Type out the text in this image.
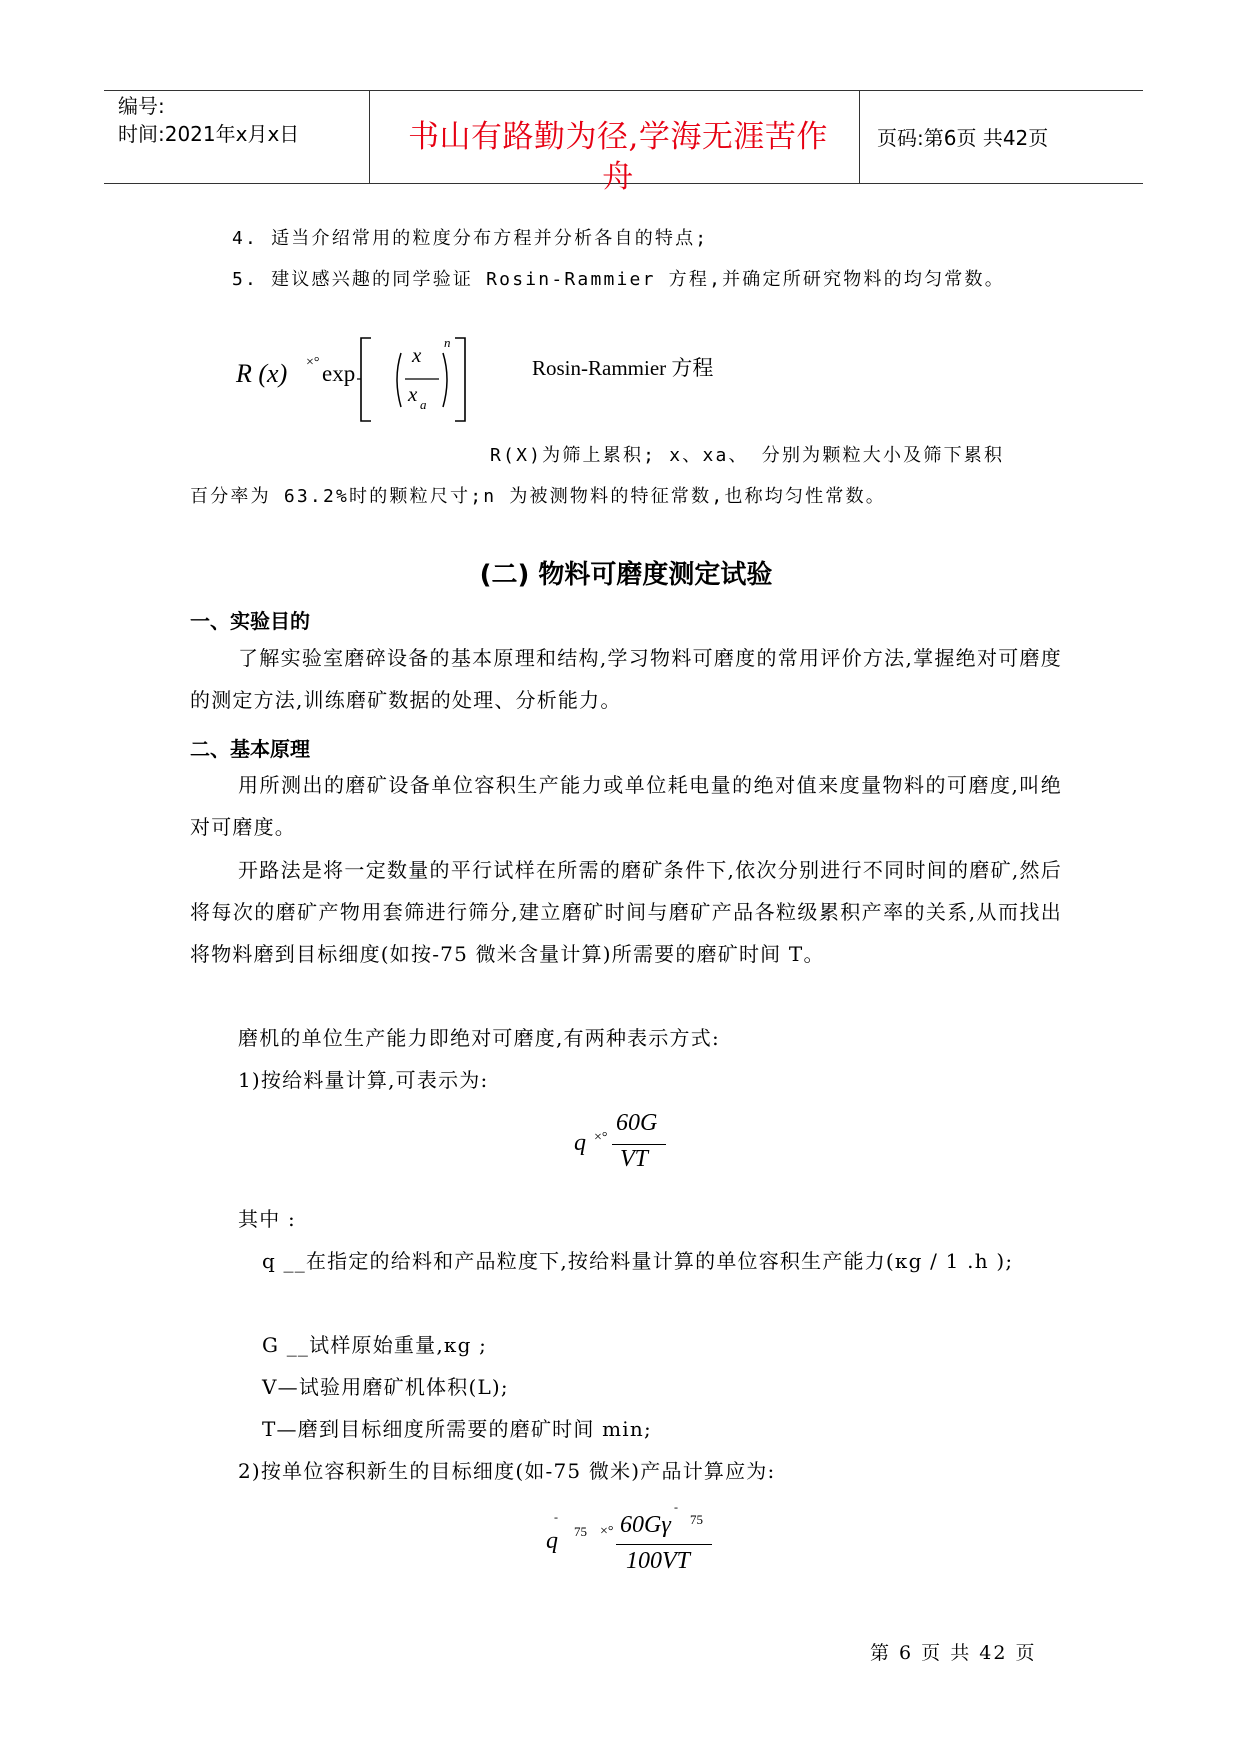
编号:
时间:2021年x月x日	书山有路勤为径,学海无涯苦作舟
页码:第6页 共42页
4. 适当介绍常用的粒度分布方程并分析各自的特点;
5. 建议感兴趣的同学验证 Rosin-Rammier 方程,并确定所研究物料的均匀常数。
R (x) ×° exp
x
x a
n
Rosin-Rammier 方程
R(X)为筛上累积; x、xa、 分别为颗粒大小及筛下累积
百分率为 63.2%时的颗粒尺寸;n 为被测物料的特征常数,也称均匀性常数。
(二) 物料可磨度测定试验
一、实验目的
了解实验室磨碎设备的基本原理和结构,学习物料可磨度的常用评价方法,掌握绝对可磨度的测定方法,训练磨矿数据的处理、分析能力。
二、基本原理
用所测出的磨矿设备单位容积生产能力或单位耗电量的绝对值来度量物料的可磨度,叫绝对可磨度。
开路法是将一定数量的平行试样在所需的磨矿条件下,依次分别进行不同时间的磨矿,然后将每次的磨矿产物用套筛进行筛分,建立磨矿时间与磨矿产品各粒级累积产率的关系,从而找出将物料磨到目标细度(如按-75 微米含量计算)所需要的磨矿时间 T。
磨机的单位生产能力即绝对可磨度,有两种表示方式:
1)按给料量计算,可表示为:
q ×°
60G
VT
其中 :
q __在指定的给料和产品粒度下,按给料量计算的单位容积生产能力(κg / 1 .h );
G __试样原始重量,κg ;
V—试验用磨矿机体积(L);
T—磨到目标细度所需要的磨矿时间 min;
2)按单位容积新生的目标细度(如-75 微米)产品计算应为:
-
q 75 ×° 60Gγ
-
75
100VT
第 6 页 共 42 页
